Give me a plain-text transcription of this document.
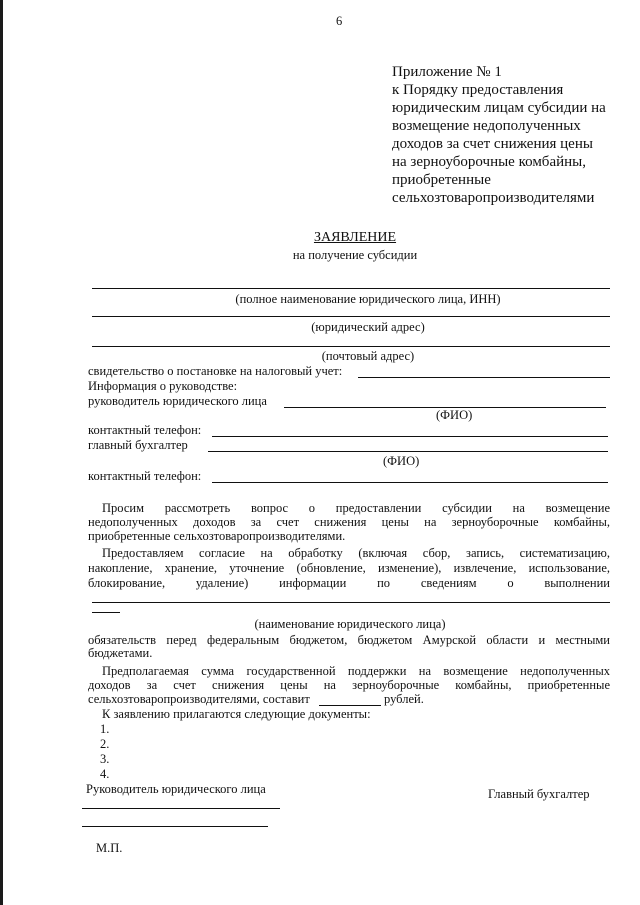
6
Приложение № 1
к Порядку предоставления
юридическим лицам субсидии на
возмещение недополученных
доходов за счет снижения цены
на зерноуборочные комбайны,
приобретенные
сельхозтоваропроизводителями
ЗАЯВЛЕНИЕ
на получение субсидии
(полное наименование юридического лица, ИНН)
(юридический адрес)
(почтовый адрес)
свидетельство о постановке на налоговый учет:
Информация о руководстве:
руководитель юридического лица
(ФИО)
контактный телефон:
главный бухгалтер
(ФИО)
контактный телефон:
Просим рассмотреть вопрос о предоставлении субсидии на возмещение
недополученных доходов за счет снижения цены на зерноуборочные комбайны,
приобретенные сельхозтоваропроизводителями.
Предоставляем согласие на обработку (включая сбор, запись, систематизацию,
накопление, хранение, уточнение (обновление, изменение), извлечение, использование,
блокирование, удаление) информации по сведениям о выполнении
(наименование юридического лица)
обязательств перед федеральным бюджетом, бюджетом Амурской области и местными
бюджетами.
Предполагаемая сумма государственной поддержки на возмещение недополученных
доходов за счет снижения цены на зерноуборочные комбайны, приобретенные
сельхозтоваропроизводителями, составит	рублей.
К заявлению прилагаются следующие документы:
1.
2.
3.
4.
Руководитель юридического лица	Главный бухгалтер
М.П.
